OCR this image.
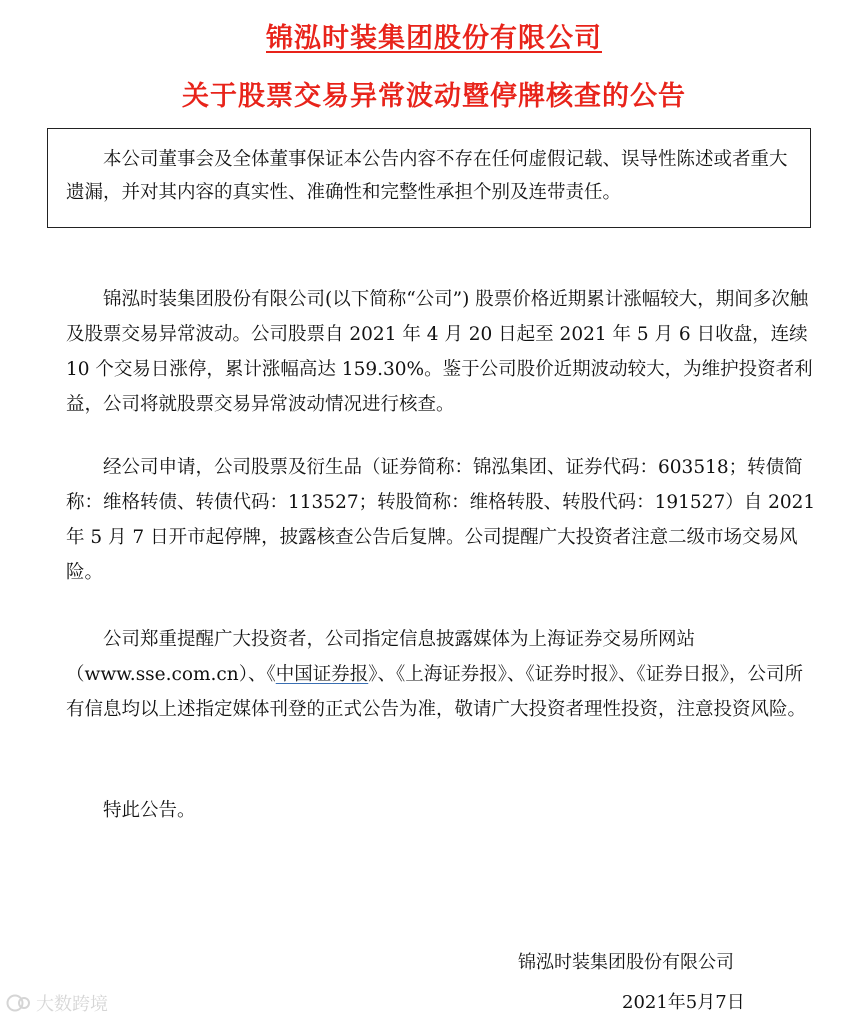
锦泓时装集团股份有限公司
关于股票交易异常波动暨停牌核查的公告

本公司董事会及全体董事保证本公告内容不存在任何虚假记载、误导性陈述或者重大遗漏，并对其内容的真实性、准确性和完整性承担个别及连带责任。

锦泓时装集团股份有限公司(以下简称“公司”) 股票价格近期累计涨幅较大，期间多次触及股票交易异常波动。公司股票自 2021 年 4 月 20 日起至 2021 年 5 月 6 日收盘，连续 10 个交易日涨停，累计涨幅高达 159.30%。鉴于公司股价近期波动较大，为维护投资者利益，公司将就股票交易异常波动情况进行核查。

经公司申请，公司股票及衍生品（证券简称：锦泓集团、证券代码：603518；转债简称：维格转债、转债代码：113527；转股简称：维格转股、转股代码：191527）自 2021 年 5 月 7 日开市起停牌，披露核查公告后复牌。公司提醒广大投资者注意二级市场交易风险。

公司郑重提醒广大投资者，公司指定信息披露媒体为上海证券交易所网站（www.sse.com.cn）、《中国证券报》、《上海证券报》、《证券时报》、《证券日报》，公司所有信息均以上述指定媒体刊登的正式公告为准，敬请广大投资者理性投资，注意投资风险。

特此公告。

锦泓时装集团股份有限公司
2021年5月7日
大数跨境
